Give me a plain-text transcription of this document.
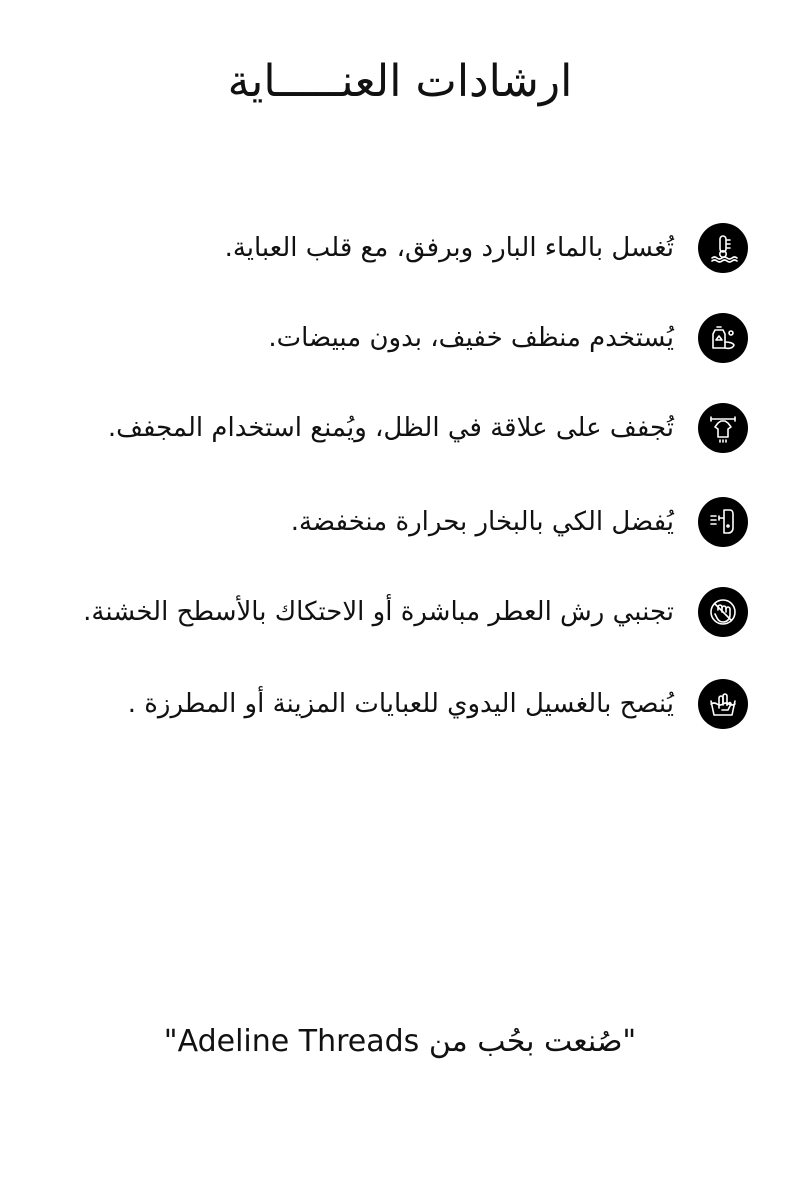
ارشادات العنـــــاية
تُغسل بالماء البارد وبرفق، مع قلب العباية.
يُستخدم منظف خفيف، بدون مبيضات.
تُجفف على علاقة في الظل، ويُمنع استخدام المجفف.
يُفضل الكي بالبخار بحرارة منخفضة.
تجنبي رش العطر مباشرة أو الاحتكاك بالأسطح الخشنة.
يُنصح بالغسيل اليدوي للعبايات المزينة أو المطرزة .
"صُنعت بحُب من Adeline Threads"
